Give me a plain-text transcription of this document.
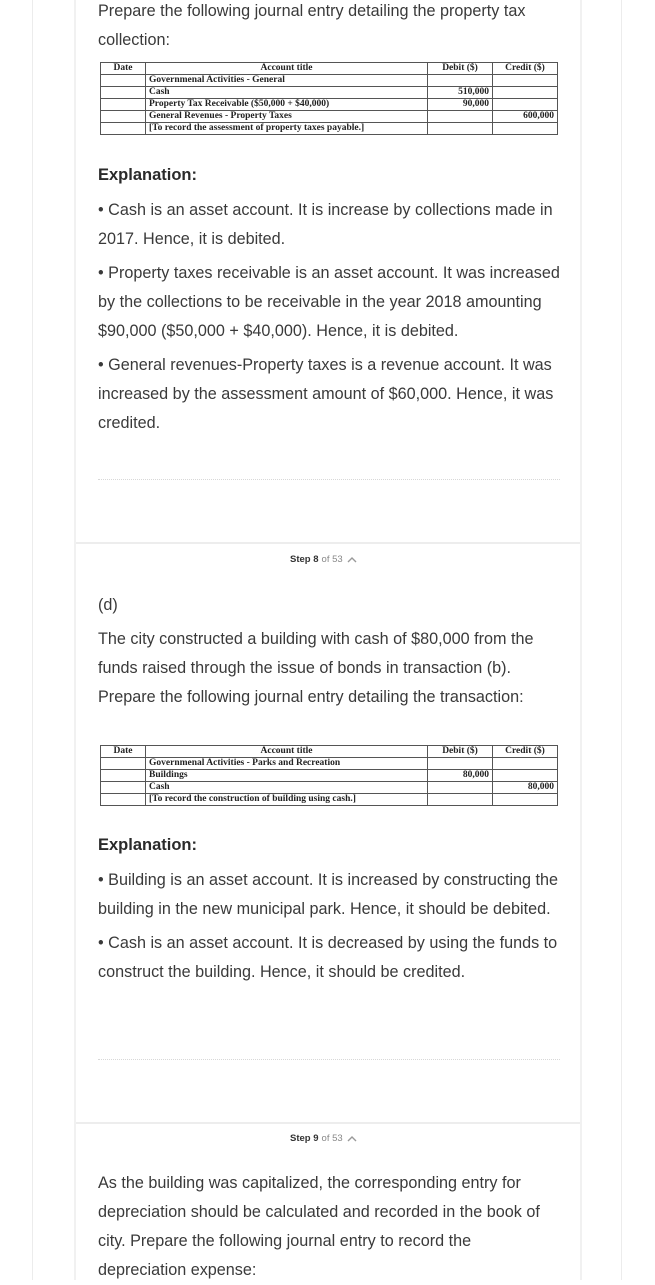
Prepare the following journal entry detailing the property tax collection:

Date	Account title	Debit ($)	Credit ($)
	Governmenal Activities - General		
	Cash	510,000	
	Property Tax Receivable ($50,000 + $40,000)	90,000	
	General Revenues - Property Taxes		600,000
	[To record the assessment of property taxes payable.]		
Explanation:

• Cash is an asset account. It is increase by collections made in 2017. Hence, it is debited.

• Property taxes receivable is an asset account. It was increased by the collections to be receivable in the year 2018 amounting $90,000 ($50,000 + $40,000). Hence, it is debited.

• General revenues-Property taxes is a revenue account. It was increased by the assessment amount of $60,000. Hence, it was credited.

Step 8 of 53

(d)

The city constructed a building with cash of $80,000 from the funds raised through the issue of bonds in transaction (b). Prepare the following journal entry detailing the transaction:

Date	Account title	Debit ($)	Credit ($)
	Governmenal Activities - Parks and Recreation		
	Buildings	80,000	
	Cash		80,000
	[To record the construction of building using cash.]		
Explanation:

• Building is an asset account. It is increased by constructing the building in the new municipal park. Hence, it should be debited.

• Cash is an asset account. It is decreased by using the funds to construct the building. Hence, it should be credited.

Step 9 of 53

As the building was capitalized, the corresponding entry for depreciation should be calculated and recorded in the book of city. Prepare the following journal entry to record the depreciation expense:
